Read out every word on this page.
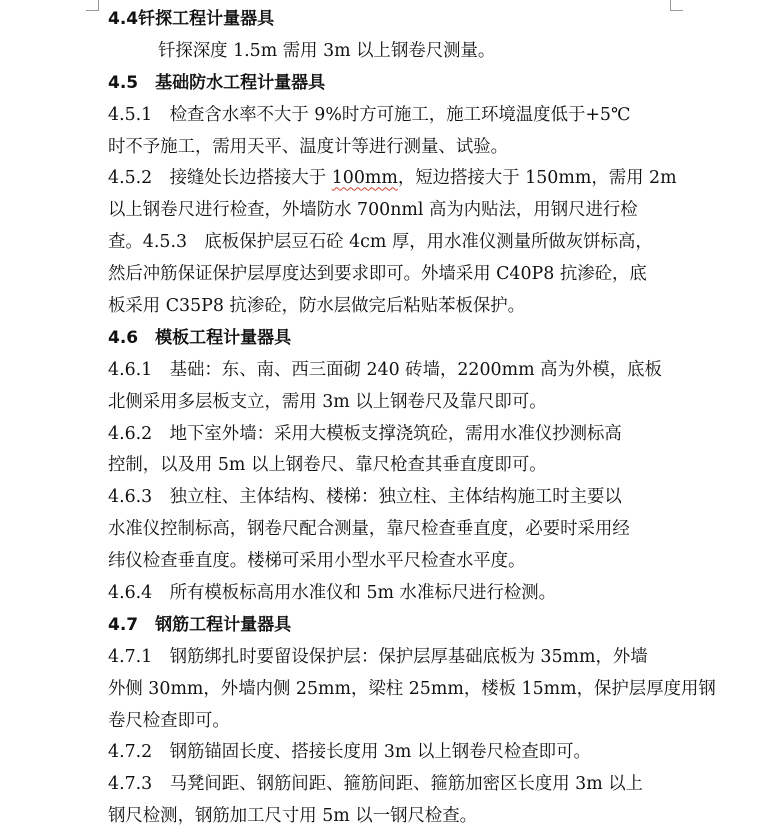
4.4钎探工程计量器具
钎探深度 1.5m 需用 3m 以上钢卷尺测量。
4.5　基础防水工程计量器具
4.5.1　检查含水率不大于 9%时方可施工，施工环境温度低于+5℃
时不予施工，需用天平、温度计等进行测量、试验。
4.5.2　接缝处长边搭接大于 100mm，短边搭接大于 150mm，需用 2m
以上钢卷尺进行检查，外墙防水 700nml 高为内贴法，用钢尺进行检
查。4.5.3　底板保护层豆石砼 4cm 厚，用水准仪测量所做灰饼标高，
然后冲筋保证保护层厚度达到要求即可。外墙采用 C40P8 抗渗砼，底
板采用 C35P8 抗渗砼，防水层做完后粘贴苯板保护。
4.6　模板工程计量器具
4.6.1　基础：东、南、西三面砌 240 砖墙，2200mm 高为外模，底板
北侧采用多层板支立，需用 3m 以上钢卷尺及靠尺即可。
4.6.2　地下室外墙：采用大模板支撑浇筑砼，需用水准仪抄测标高
控制，以及用 5m 以上钢卷尺、靠尺枪查其垂直度即可。
4.6.3　独立柱、主体结构、楼梯：独立柱、主体结构施工时主要以
水准仪控制标高，钢卷尺配合测量，靠尺检查垂直度，必要时采用经
纬仪检查垂直度。楼梯可采用小型水平尺检查水平度。
4.6.4　所有模板标高用水准仪和 5m 水准标尺进行检测。
4.7　钢筋工程计量器具
4.7.1　钢筋绑扎时要留设保护层：保护层厚基础底板为 35mm，外墙
外侧 30mm，外墙内侧 25mm，梁柱 25mm，楼板 15mm，保护层厚度用钢
卷尺检查即可。
4.7.2　钢筋锚固长度、搭接长度用 3m 以上钢卷尺检查即可。
4.7.3　马凳间距、钢筋间距、箍筋间距、箍筋加密区长度用 3m 以上
钢尺检测，钢筋加工尺寸用 5m 以一钢尺检查。
